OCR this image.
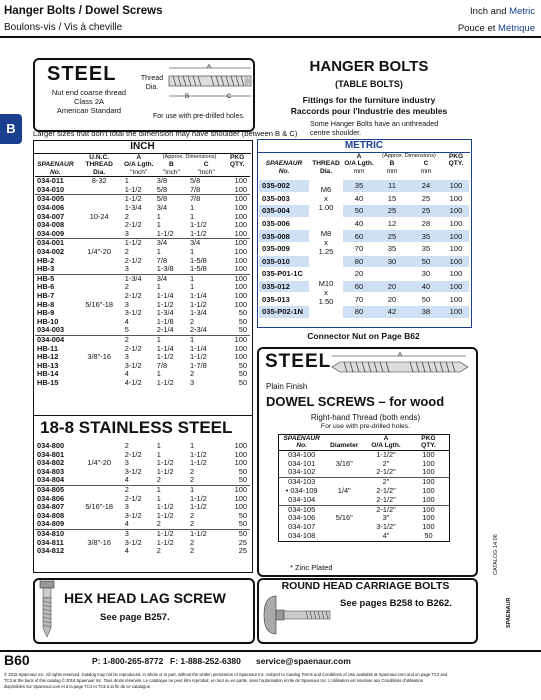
Hanger Bolts / Dowel Screws
Boulons-vis / Vis à cheville
Inch and Metric
Pouce et Métrique
B
STEEL
Nut end coarse thread
Class 2A
American Standard
Thread Dia.
A
B	C
For use with pre-drilled holes.
HANGER BOLTS
(TABLE BOLTS)
Fittings for the furniture industry
Raccords pour l'Industrie des meubles
Some Hanger Bolts have an unthreaded centre shoulder.
Larger sizes that don't total the dimension may have shoulder (between B & C)
INCH
	U.N.C.	A	(Approx. Dimensions)		PKG
SPAENAUR	THREAD	O/A Lgth.	B	C	QTY.
No.	Dia.	"Inch"	"Inch"	"Inch"	
034-011	8-32	1	3/8	5/8	100
034-010		1-1/2	5/8	7/8	100
034-005		1-1/2	5/8	7/8	100
034-006		1-3/4	3/4	1	100
034-007	10-24	2	1	1	100
034-008		2-1/2	1	1-1/2	100
034-009		3	1-1/2	1-1/2	100
034-001		1-1/2	3/4	3/4	100
034-002	1/4"-20	2	1	1	100
HB-2		2-1/2	7/8	1-5/8	100
HB-3		3	1-3/8	1-5/8	100
HB-5		1-3/4	3/4	1	100
HB-6		2	1	1	100
HB-7		2-1/2	1-1/4	1-1/4	100
HB-8	5/16"-18	3	1-1/2	1-1/2	100
HB-9		3-1/2	1-3/4	1-3/4	50
HB-10		4	1-1/8	2	50
034-003		5	2-1/4	2-3/4	50
034-004		2	1	1	100
HB-11		2-1/2	1-1/4	1-1/4	100
HB-12	3/8"-16	3	1-1/2	1-1/2	100
HB-13		3-1/2	7/8	1-7/8	50
HB-14		4	1	2	50
HB-15		4-1/2	1-1/2	3	50
18-8 STAINLESS STEEL
034-800		2	1	1	100
034-801		2-1/2	1	1-1/2	100
034-802	1/4"-20	3	1-1/2	1-1/2	100
034-803		3-1/2	1-1/2	2	50
034-804		4	2	2	50
034-805		2	1	1	100
034-806		2-1/2	1	1-1/2	100
034-807	5/16"-18	3	1-1/2	1-1/2	100
034-808		3-1/2	1-1/2	2	50
034-809		4	2	2	50
034-810		3	1-1/2	1-1/2	50
034-811	3/8"-16	3-1/2	1-1/2	2	25
034-812		4	2	2	25
METRIC
		A	(Approx. Dimensions)		PKG
SPAENAUR	THREAD	O/A Lgth.	B	C	QTY.
No.	Dia.	mm	mm	mm	
035-002	M6
x
1.00	35	11	24	100
035-003		40	15	25	100
035-004		50	25	25	100
035-006	M8
x
1.25	40	12	28	100
035-008		60	25	35	100
035-009		70	35	35	100
035-010		80	30	50	100
035-P01-1C	M10
x
1.50	20		30	100
035-012		60	20	40	100
035-013		70	20	50	100
035-P02-1N		80	42	38	100
Connector Nut on Page B62
STEEL	A
Plain Finish
DOWEL SCREWS – for wood
Right-hand Thread (both ends)
For use with pre-drilled holes.
SPAENAUR		A	PKG
No.	Diameter	O/A Lgth.	QTY.
034-100		1-1/2"	100
034-101	3/16"	2"	100
034-102		2-1/2"	100
034-103		2"	100
• 034-109	1/4"	2-1/2"	100
034-104		2-1/2"	100
034-105		2-1/2"	100
034-106	5/16"	3"	100
034-107		3-1/2"	100
034-108		4"	50
* Zinc Plated
HEX HEAD LAG SCREW
See page B257.
ROUND HEAD CARRIAGE BOLTS
See pages B258 to B262.
CATALOG 14.06
SPAENAUR
B60	P: 1-800-265-8772 F: 1-888-252-6380 service@spaenaur.com
© 2018 Spaenaur Inc. All rights reserved. Catalog may not be reproduced, in whole or in part, without the written permission of Spaenaur Inc. Subject to Catalog Terms and Conditions of Use available at Spaenaur.com and on page TC2 and
TC3 at the back of this catalog © 2018 Spaenaur Inc. Tous droits réservés. Le catalogue ne peut être reproduit, en tout ou en partie, sans l'autorisation écrite de Spaenaur Inc. L'utilisation est soumise aux Conditions d'utilisation
disponibles sur Spaenaur.com et à la page TC4 et TC5 à la fin de ce catalogue.
